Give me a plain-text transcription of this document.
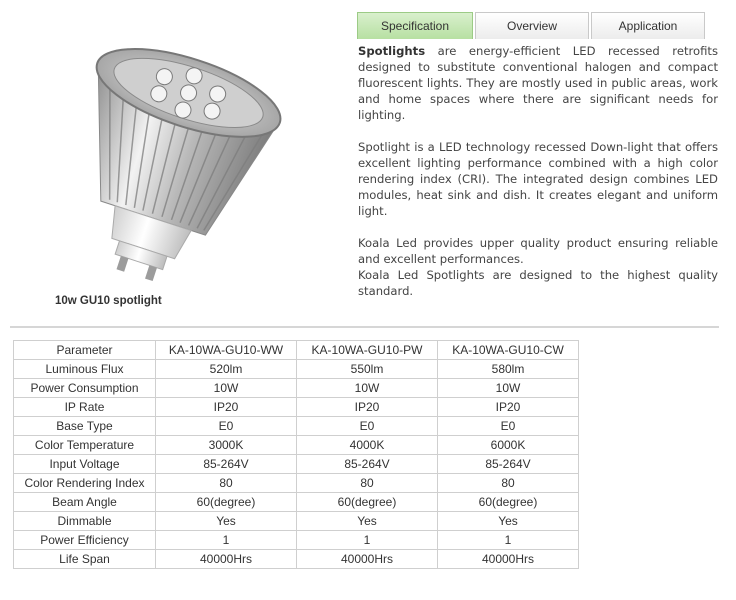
10w GU10 spotlight
Specification	Overview	Application

Spotlights are energy-efficient LED recessed retrofits designed to substitute conventional halogen and compact fluorescent lights. They are mostly used in public areas, work and home spaces where there are significant needs for lighting.

Spotlight is a LED technology recessed Down-light that offers excellent lighting performance combined with a high color rendering index (CRI). The integrated design combines LED modules, heat sink and dish. It creates elegant and uniform light.

Koala Led provides upper quality product ensuring reliable and excellent performances.

Koala Led Spotlights are designed to the highest quality standard.

Parameter	KA-10WA-GU10-WW	KA-10WA-GU10-PW	KA-10WA-GU10-CW
Luminous Flux	520lm	550lm	580lm
Power Consumption	10W	10W	10W
IP Rate	IP20	IP20	IP20
Base Type	E0	E0	E0
Color Temperature	3000K	4000K	6000K
Input Voltage	85-264V	85-264V	85-264V
Color Rendering Index	80	80	80
Beam Angle	60(degree)	60(degree)	60(degree)
Dimmable	Yes	Yes	Yes
Power Efficiency	1	1	1
Life Span	40000Hrs	40000Hrs	40000Hrs
